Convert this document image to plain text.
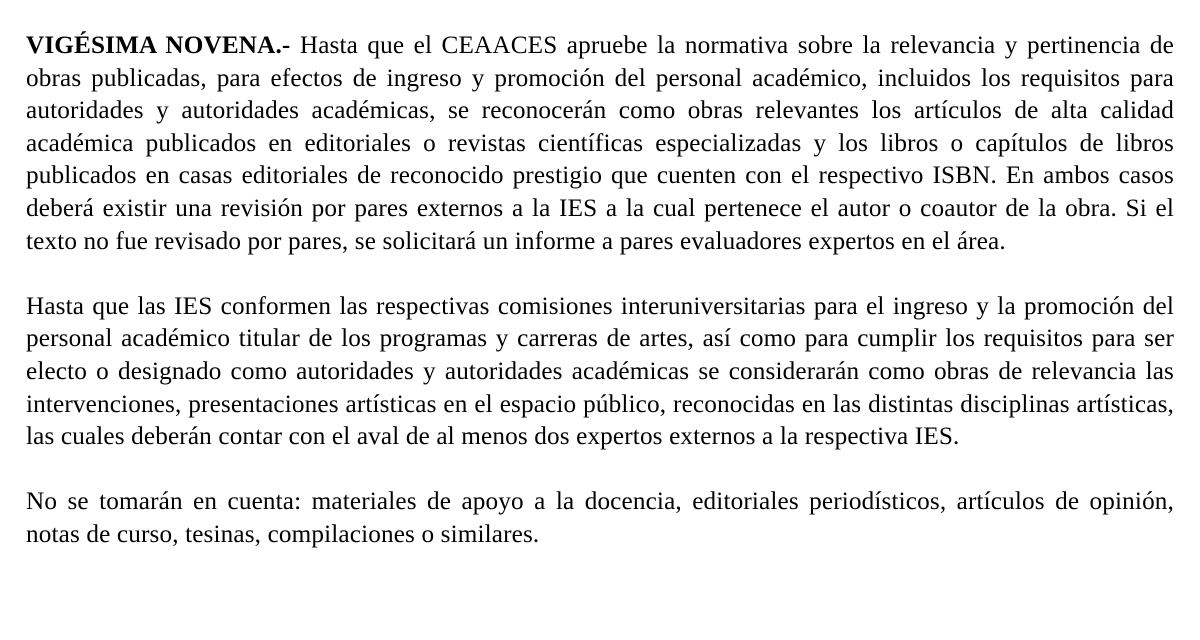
VIGÉSIMA NOVENA.- Hasta que el CEAACES apruebe la normativa sobre la relevancia y pertinencia de obras publicadas, para efectos de ingreso y promoción del personal académico, incluidos los requisitos para autoridades y autoridades académicas, se reconocerán como obras relevantes los artículos de alta calidad académica publicados en editoriales o revistas científicas especializadas y los libros o capítulos de libros publicados en casas editoriales de reconocido prestigio que cuenten con el respectivo ISBN. En ambos casos deberá existir una revisión por pares externos a la IES a la cual pertenece el autor o coautor de la obra. Si el texto no fue revisado por pares, se solicitará un informe a pares evaluadores expertos en el área.

Hasta que las IES conformen las respectivas comisiones interuniversitarias para el ingreso y la promoción del personal académico titular de los programas y carreras de artes, así como para cumplir los requisitos para ser electo o designado como autoridades y autoridades académicas se considerarán como obras de relevancia las intervenciones, presentaciones artísticas en el espacio público, reconocidas en las distintas disciplinas artísticas, las cuales deberán contar con el aval de al menos dos expertos externos a la respectiva IES.

No se tomarán en cuenta: materiales de apoyo a la docencia, editoriales periodísticos, artículos de opinión, notas de curso, tesinas, compilaciones o similares.
